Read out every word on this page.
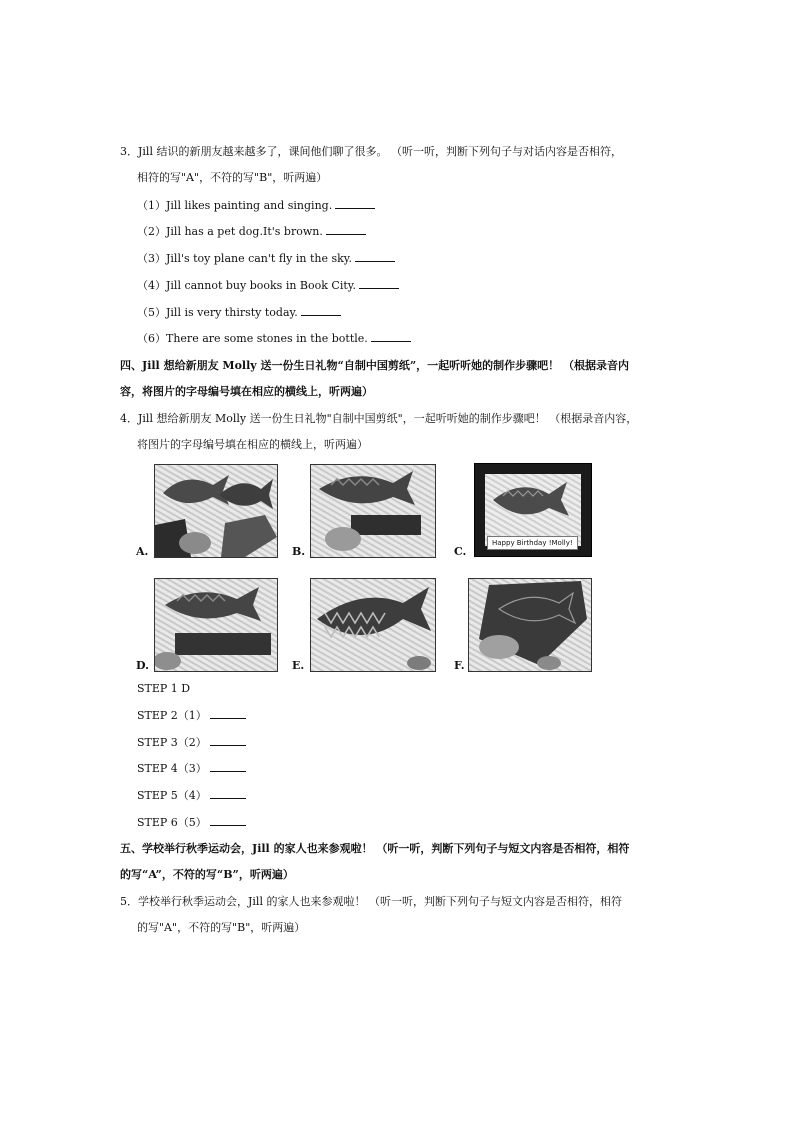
3．Jill 结识的新朋友越来越多了，课间他们聊了很多。 （听一听，判断下列句子与对话内容是否相符，
相符的写"A"，不符的写"B"，听两遍）
（1）Jill likes painting and singing.
（2）Jill has a pet dog.It's brown.
（3）Jill's toy plane can't fly in the sky.
（4）Jill cannot buy books in Book City.
（5）Jill is very thirsty today.
（6）There are some stones in the bottle.
四、Jill 想给新朋友 Molly 送一份生日礼物“自制中国剪纸”，一起听听她的制作步骤吧！ （根据录音内
容，将图片的字母编号填在相应的横线上，听两遍）
4．Jill 想给新朋友 Molly 送一份生日礼物"自制中国剪纸"，一起听听她的制作步骤吧！ （根据录音内容，
将图片的字母编号填在相应的横线上，听两遍）
A.	B.
Happy Birthday !Molly!
C.
D.	E.	F.
STEP 1 D
STEP 2（1）
STEP 3（2）
STEP 4（3）
STEP 5（4）
STEP 6（5）
五、学校举行秋季运动会，Jill 的家人也来参观啦！ （听一听，判断下列句子与短文内容是否相符，相符
的写“A”，不符的写“B”，听两遍）
5．学校举行秋季运动会，Jill 的家人也来参观啦！ （听一听，判断下列句子与短文内容是否相符，相符
的写"A"，不符的写"B"，听两遍）
